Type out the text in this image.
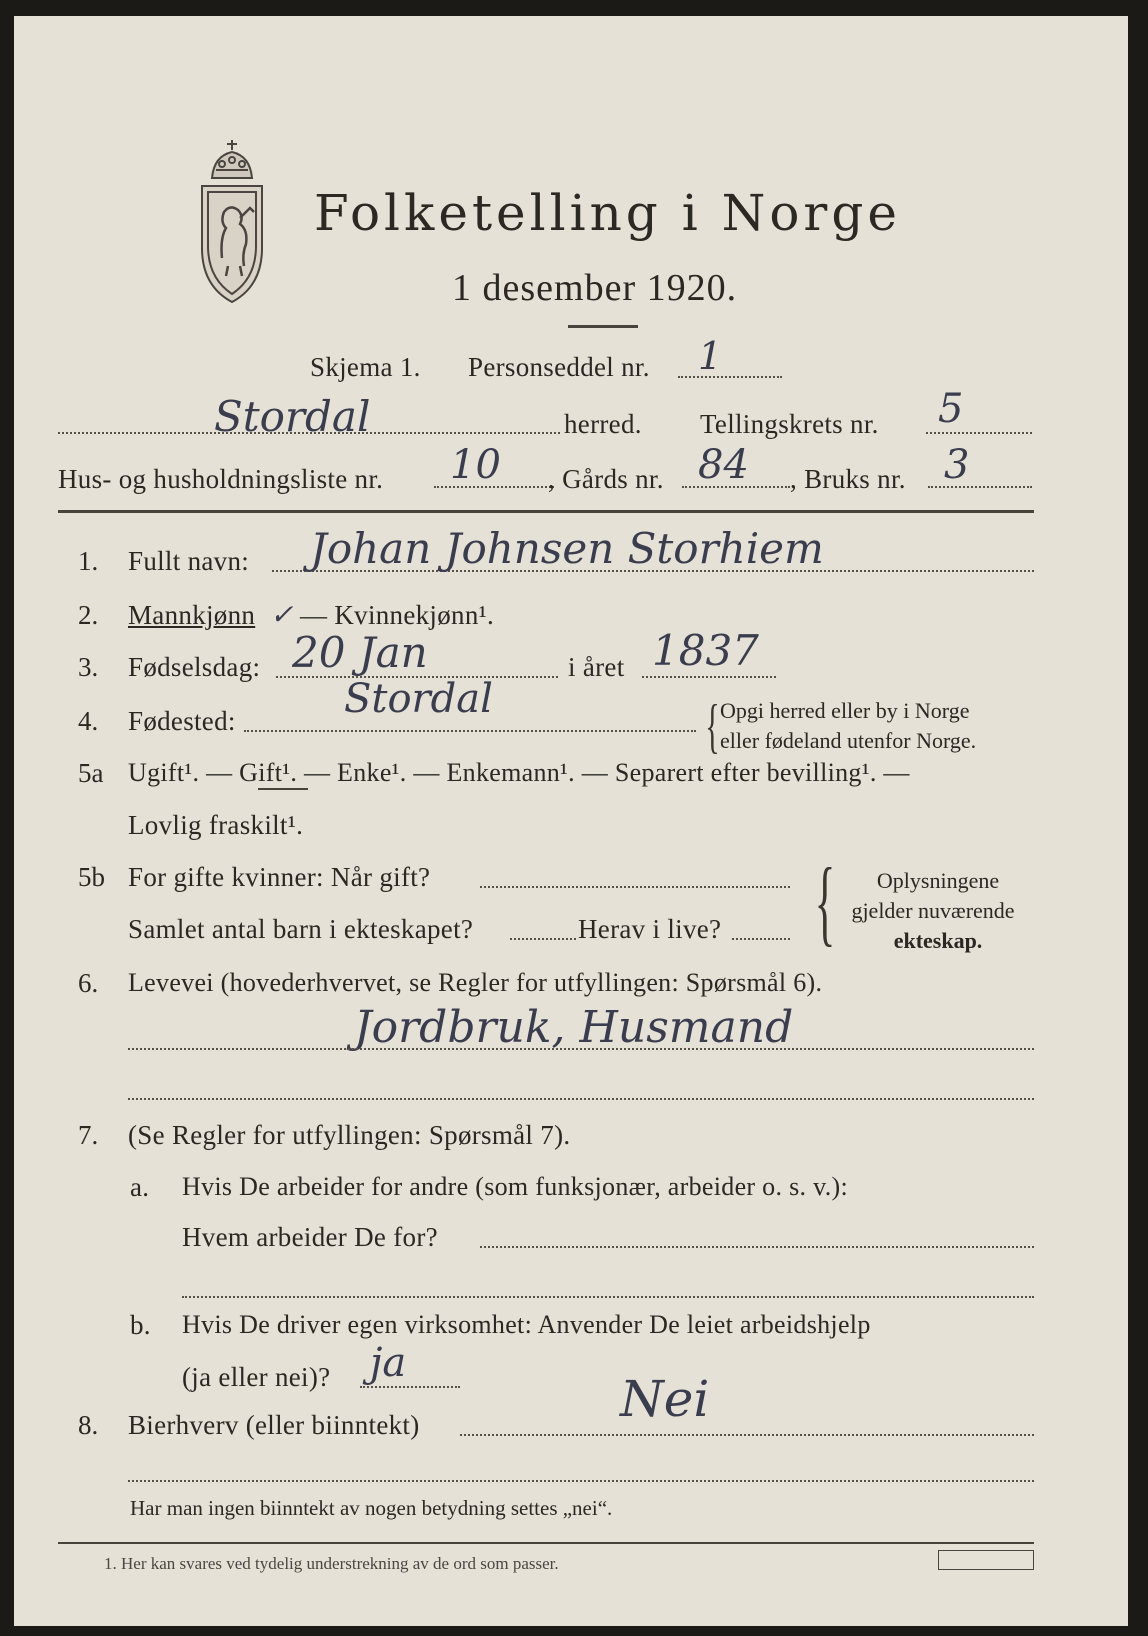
Folketelling i Norge
1 desember 1920.
Skjema 1. Personseddel nr. 1
Stordal	herred. Tellingskrets nr. 5
Hus- og husholdningsliste nr. 10 , Gårds nr. 84 , Bruks nr. 3
1. Fullt navn: Johan Johnsen Storhiem
2. Mannkjønn ✓ — Kvinnekjønn¹.
3. Fødselsdag: 20 Jan	i året 1837
4. Fødested:	Stordal	{ Opgi herred eller by i Norge
eller fødeland utenfor Norge.
5a Ugift¹. — Gift¹. — Enke¹. — Enkemann¹. — Separert efter bevilling¹. —
Lovlig fraskilt¹.
5b For gifte kvinner: Når gift?
Samlet antal barn i ekteskapet?	Herav i live? {	Oplysningene
gjelder nuværende
ekteskap.
6. Levevei (hovederhvervet, se Regler for utfyllingen: Spørsmål 6).
Jordbruk, Husmand
7. (Se Regler for utfyllingen: Spørsmål 7).
a. Hvis De arbeider for andre (som funksjonær, arbeider o. s. v.):
Hvem arbeider De for?
b. Hvis De driver egen virksomhet: Anvender De leiet arbeidshjelp
(ja eller nei)? ja
8. Bierhverv (eller biinntekt)	Nei
Har man ingen biinntekt av nogen betydning settes „nei“.
1. Her kan svares ved tydelig understrekning av de ord som passer.
